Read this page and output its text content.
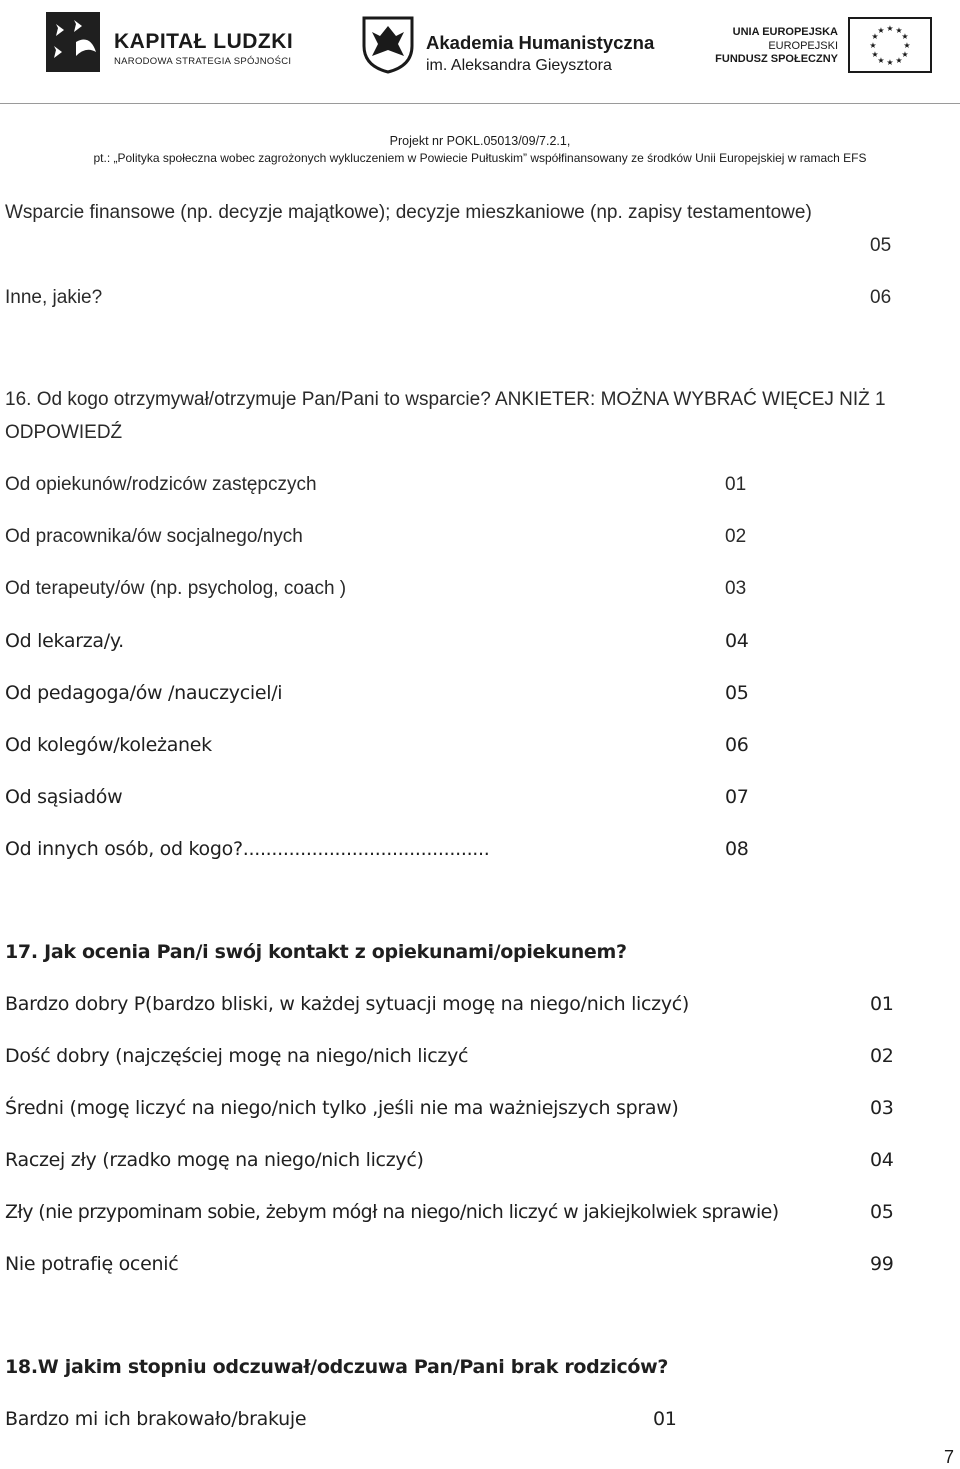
KAPITAŁ LUDZKI
NARODOWA STRATEGIA SPÓJNOŚCI
Akademia Humanistyczna
im. Aleksandra Gieysztora
UNIA EUROPEJSKA
EUROPEJSKI
FUNDUSZ SPOŁECZNY
★ ★
★
★
★
★
★
★
★
★
★
★
Projekt nr POKL.05013/09/7.2.1,
pt.: „Polityka społeczna wobec zagrożonych wykluczeniem w Powiecie Pułtuskim” współfinansowany ze środków Unii Europejskiej w ramach EFS
Wsparcie finansowe (np. decyzje majątkowe); decyzje mieszkaniowe (np. zapisy testamentowe)
05
Inne, jakie?	06
16. Od kogo otrzymywał/otrzymuje Pan/Pani to wsparcie? ANKIETER: MOŻNA WYBRAĆ WIĘCEJ NIŻ 1
ODPOWIEDŹ
Od opiekunów/rodziców zastępczych	01
Od pracownika/ów socjalnego/nych	02
Od terapeuty/ów (np. psycholog, coach )	03
Od lekarza/y.	04
Od pedagoga/ów /nauczyciel/i	05
Od kolegów/koleżanek	06
Od sąsiadów	07
Od innych osób, od kogo?...........................................	08
17. Jak ocenia Pan/i swój kontakt z opiekunami/opiekunem?
Bardzo dobry P(bardzo bliski, w każdej sytuacji mogę na niego/nich liczyć)	01
Dość dobry (najczęściej mogę na niego/nich liczyć	02
Średni (mogę liczyć na niego/nich tylko ,jeśli nie ma ważniejszych spraw)	03
Raczej zły (rzadko mogę na niego/nich liczyć)	04
Zły (nie przypominam sobie, żebym mógł na niego/nich liczyć w jakiejkolwiek sprawie)	05
Nie potrafię ocenić	99
18.W jakim stopniu odczuwał/odczuwa Pan/Pani brak rodziców?
Bardzo mi ich brakowało/brakuje	01
7
